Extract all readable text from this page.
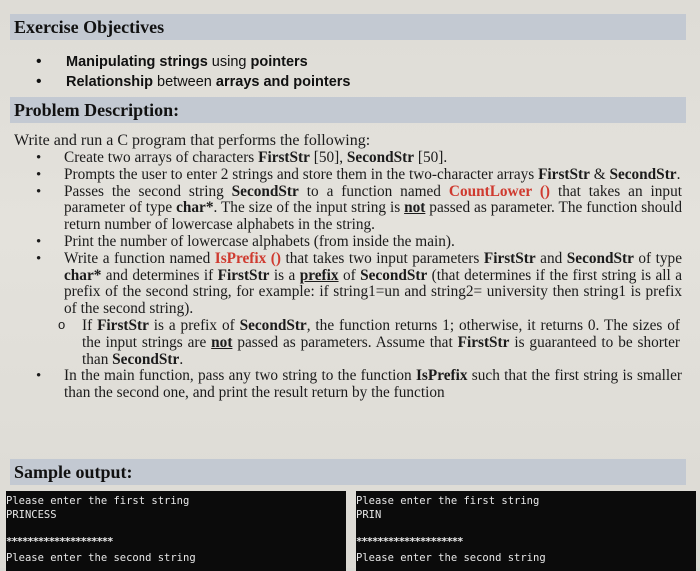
Exercise Objectives
• Manipulating strings using pointers
• Relationship between arrays and pointers
Problem Description:
Write and run a C program that performs the following:
• Create two arrays of characters FirstStr [50], SecondStr [50].
• Prompts the user to enter 2 strings and store them in the two-character arrays FirstStr & SecondStr.
• Passes the second string SecondStr to a function named CountLower () that takes an input parameter of type char*. The size of the input string is not passed as parameter. The function should return number of lowercase alphabets in the string.
• Print the number of lowercase alphabets (from inside the main).
• Write a function named IsPrefix () that takes two input parameters FirstStr and SecondStr of type char* and determines if FirstStr is a prefix of SecondStr (that determines if the first string is all a prefix of the second string, for example: if string1=un and string2= university then string1 is prefix of the second string).
o If FirstStr is a prefix of SecondStr, the function returns 1; otherwise, it returns 0. The sizes of the input strings are not passed as parameters. Assume that FirstStr is guaranteed to be shorter than SecondStr.
• In the main function, pass any two string to the function IsPrefix such that the first string is smaller than the second one, and print the result return by the function
Sample output:
Please enter the first string
PRINCESS
********************
Please enter the second string
Please enter the first string
PRIN
********************
Please enter the second string
